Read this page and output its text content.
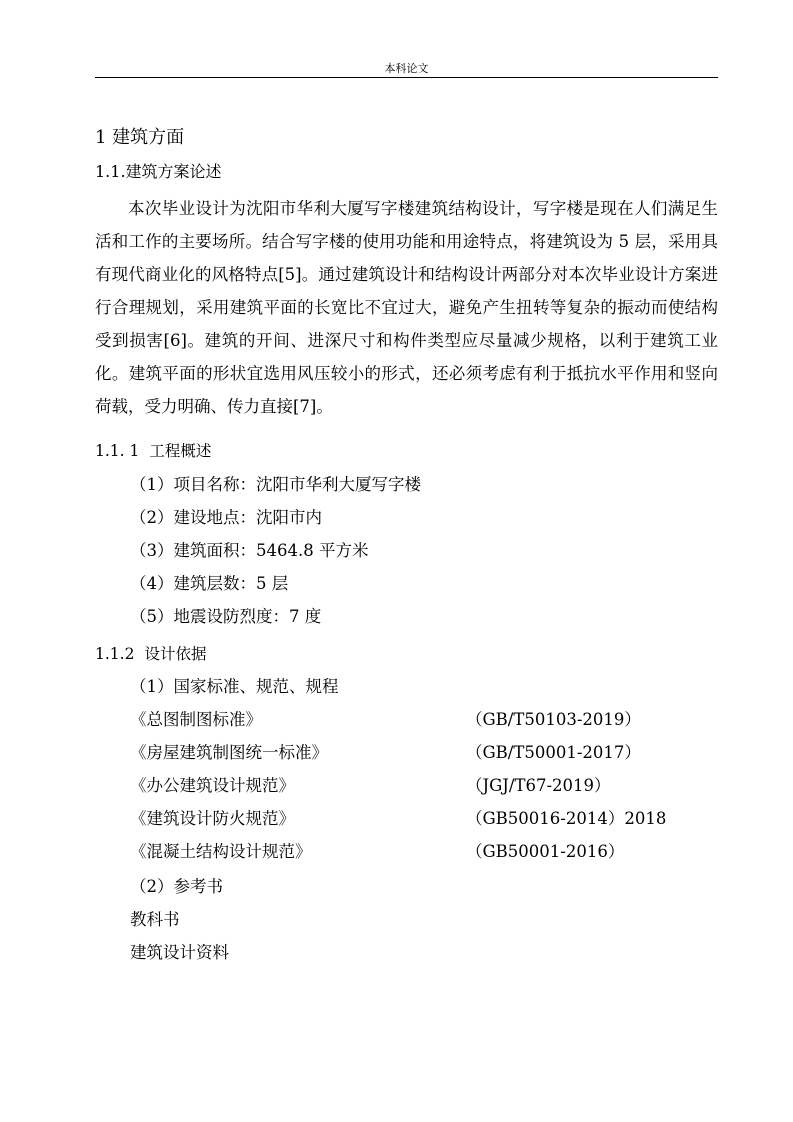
本科论文
1 建筑方面
1.1.建筑方案论述

本次毕业设计为沈阳市华利大厦写字楼建筑结构设计，写字楼是现在人们满足生活和工作的主要场所。结合写字楼的使用功能和用途特点，将建筑设为 5 层，采用具有现代商业化的风格特点[5]。通过建筑设计和结构设计两部分对本次毕业设计方案进行合理规划，采用建筑平面的长宽比不宜过大，避免产生扭转等复杂的振动而使结构受到损害[6]。建筑的开间、进深尺寸和构件类型应尽量减少规格，以利于建筑工业化。建筑平面的形状宜选用风压较小的形式，还必须考虑有利于抵抗水平作用和竖向荷载，受力明确、传力直接[7]。

1.1. 1 工程概述
（1）项目名称：沈阳市华利大厦写字楼
（2）建设地点：沈阳市内
（3）建筑面积：5464.8 平方米
（4）建筑层数：5 层
（5）地震设防烈度：7 度
1.1.2 设计依据
（1）国家标准、规范、规程
《总图制图标准》	（GB/T50103-2019）
《房屋建筑制图统一标准》	（GB/T50001-2017）
《办公建筑设计规范》	（JGJ/T67-2019）
《建筑设计防火规范》	（GB50016-2014）2018
《混凝土结构设计规范》	（GB50001-2016）
（2）参考书
教科书
建筑设计资料
